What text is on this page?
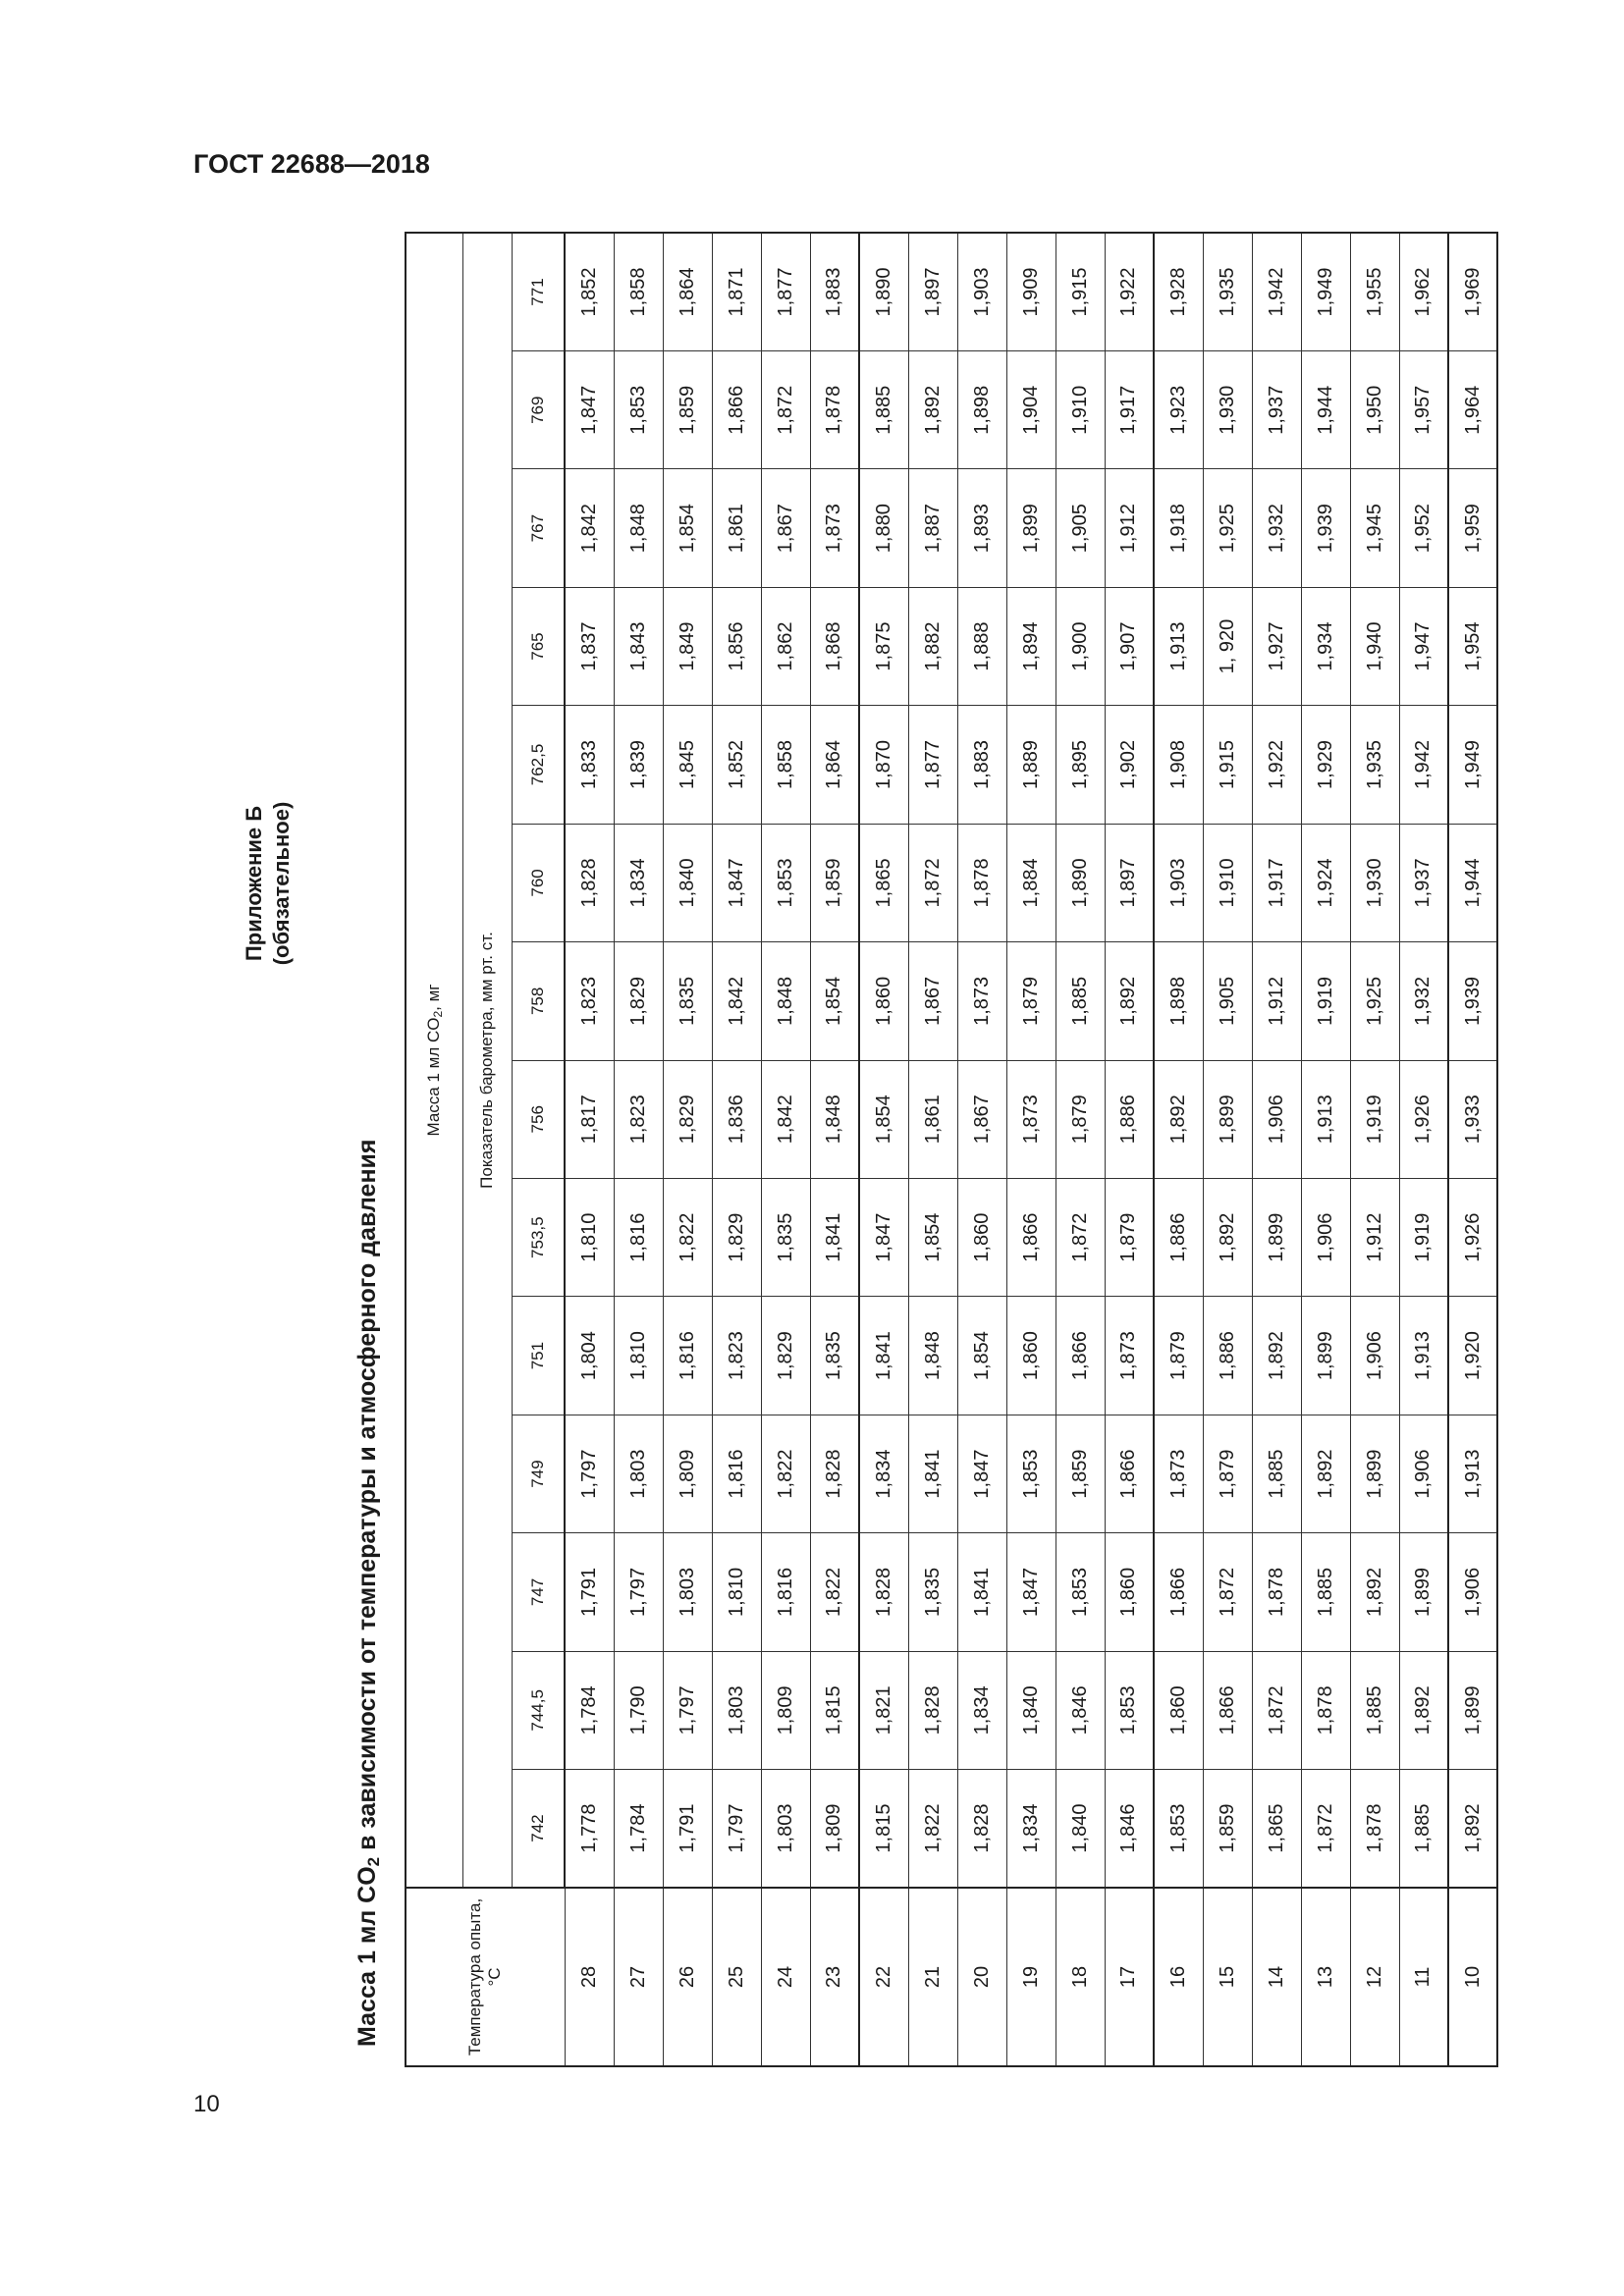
ГОСТ 22688—2018
Приложение Б (обязательное)
Масса 1 мл $CO_2$ в зависимости от температуры и атмосферного давления
Температура опыта, °С	Масса 1 мл $CO_2$, мг													
	Показатель барометра, мм рт. ст.													
	742	744,5	747	749	751	753,5	756	758	760	762,5	765	767	769	771
28	1,778	1,784	1,791	1,797	1,804	1,810	1,817	1,823	1,828	1,833	1,837	1,842	1,847	1,852
27	1,784	1,790	1,797	1,803	1,810	1,816	1,823	1,829	1,834	1,839	1,843	1,848	1,853	1,858
26	1,791	1,797	1,803	1,809	1,816	1,822	1,829	1,835	1,840	1,845	1,849	1,854	1,859	1,864
25	1,797	1,803	1,810	1,816	1,823	1,829	1,836	1,842	1,847	1,852	1,856	1,861	1,866	1,871
24	1,803	1,809	1,816	1,822	1,829	1,835	1,842	1,848	1,853	1,858	1,862	1,867	1,872	1,877
23	1,809	1,815	1,822	1,828	1,835	1,841	1,848	1,854	1,859	1,864	1,868	1,873	1,878	1,883
22	1,815	1,821	1,828	1,834	1,841	1,847	1,854	1,860	1,865	1,870	1,875	1,880	1,885	1,890
21	1,822	1,828	1,835	1,841	1,848	1,854	1,861	1,867	1,872	1,877	1,882	1,887	1,892	1,897
20	1,828	1,834	1,841	1,847	1,854	1,860	1,867	1,873	1,878	1,883	1,888	1,893	1,898	1,903
19	1,834	1,840	1,847	1,853	1,860	1,866	1,873	1,879	1,884	1,889	1,894	1,899	1,904	1,909
18	1,840	1,846	1,853	1,859	1,866	1,872	1,879	1,885	1,890	1,895	1,900	1,905	1,910	1,915
17	1,846	1,853	1,860	1,866	1,873	1,879	1,886	1,892	1,897	1,902	1,907	1,912	1,917	1,922
16	1,853	1,860	1,866	1,873	1,879	1,886	1,892	1,898	1,903	1,908	1,913	1,918	1,923	1,928
15	1,859	1,866	1,872	1,879	1,886	1,892	1,899	1,905	1,910	1,915	1, 920	1,925	1,930	1,935
14	1,865	1,872	1,878	1,885	1,892	1,899	1,906	1,912	1,917	1,922	1,927	1,932	1,937	1,942
13	1,872	1,878	1,885	1,892	1,899	1,906	1,913	1,919	1,924	1,929	1,934	1,939	1,944	1,949
12	1,878	1,885	1,892	1,899	1,906	1,912	1,919	1,925	1,930	1,935	1,940	1,945	1,950	1,955
11	1,885	1,892	1,899	1,906	1,913	1,919	1,926	1,932	1,937	1,942	1,947	1,952	1,957	1,962
10	1,892	1,899	1,906	1,913	1,920	1,926	1,933	1,939	1,944	1,949	1,954	1,959	1,964	1,969
10
